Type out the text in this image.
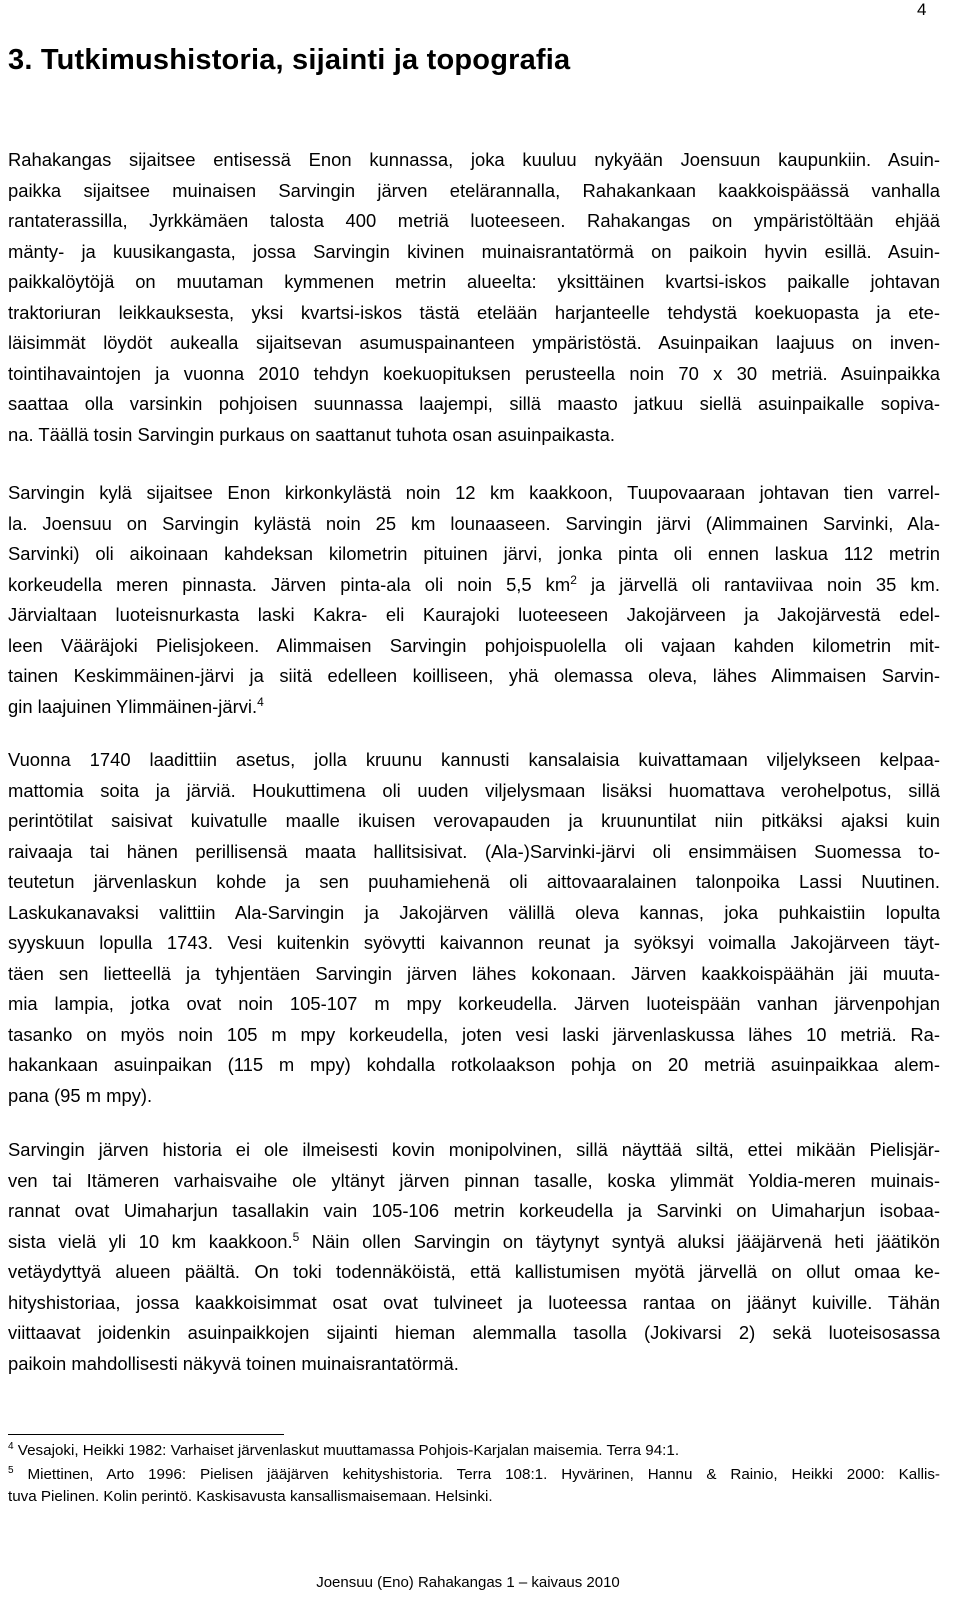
4
3. Tutkimushistoria, sijainti ja topografia
Rahakangas sijaitsee entisessä Enon kunnassa, joka kuuluu nykyään Joensuun kaupunkiin. Asuin-
paikka sijaitsee muinaisen Sarvingin järven etelärannalla, Rahakankaan kaakkoispäässä vanhalla
rantaterassilla, Jyrkkämäen talosta 400 metriä luoteeseen. Rahakangas on ympäristöltään ehjää
mänty- ja kuusikangasta, jossa Sarvingin kivinen muinaisrantatörmä on paikoin hyvin esillä. Asuin-
paikkalöytöjä on muutaman kymmenen metrin alueelta: yksittäinen kvartsi-iskos paikalle johtavan
traktoriuran leikkauksesta, yksi kvartsi-iskos tästä etelään harjanteelle tehdystä koekuopasta ja ete-
läisimmät löydöt aukealla sijaitsevan asumuspainanteen ympäristöstä. Asuinpaikan laajuus on inven-
tointihavaintojen ja vuonna 2010 tehdyn koekuopituksen perusteella noin 70 x 30 metriä. Asuinpaikka
saattaa olla varsinkin pohjoisen suunnassa laajempi, sillä maasto jatkuu siellä asuinpaikalle sopiva-
na. Täällä tosin Sarvingin purkaus on saattanut tuhota osan asuinpaikasta.
Sarvingin kylä sijaitsee Enon kirkonkylästä noin 12 km kaakkoon, Tuupovaaraan johtavan tien varrel-
la. Joensuu on Sarvingin kylästä noin 25 km lounaaseen. Sarvingin järvi (Alimmainen Sarvinki, Ala-
Sarvinki) oli aikoinaan kahdeksan kilometrin pituinen järvi, jonka pinta oli ennen laskua 112 metrin
korkeudella meren pinnasta. Järven pinta-ala oli noin 5,5 $km^2$ ja järvellä oli rantaviivaa noin 35 km.
Järvialtaan luoteisnurkasta laski Kakra- eli Kaurajoki luoteeseen Jakojärveen ja Jakojärvestä edel-
leen Vääräjoki Pielisjokeen. Alimmaisen Sarvingin pohjoispuolella oli vajaan kahden kilometrin mit-
tainen Keskimmäinen-järvi ja siitä edelleen koilliseen, yhä olemassa oleva, lähes Alimmaisen Sarvin-
gin laajuinen Ylimmäinen-järvi.$^4$
Vuonna 1740 laadittiin asetus, jolla kruunu kannusti kansalaisia kuivattamaan viljelykseen kelpaa-
mattomia soita ja järviä. Houkuttimena oli uuden viljelysmaan lisäksi huomattava verohelpotus, sillä
perintötilat saisivat kuivatulle maalle ikuisen verovapauden ja kruununtilat niin pitkäksi ajaksi kuin
raivaaja tai hänen perillisensä maata hallitsisivat. (Ala-)Sarvinki-järvi oli ensimmäisen Suomessa to-
teutetun järvenlaskun kohde ja sen puuhamiehenä oli aittovaaralainen talonpoika Lassi Nuutinen.
Laskukanavaksi valittiin Ala-Sarvingin ja Jakojärven välillä oleva kannas, joka puhkaistiin lopulta
syyskuun lopulla 1743. Vesi kuitenkin syövytti kaivannon reunat ja syöksyi voimalla Jakojärveen täyt-
täen sen lietteellä ja tyhjentäen Sarvingin järven lähes kokonaan. Järven kaakkoispäähän jäi muuta-
mia lampia, jotka ovat noin 105-107 m mpy korkeudella. Järven luoteispään vanhan järvenpohjan
tasanko on myös noin 105 m mpy korkeudella, joten vesi laski järvenlaskussa lähes 10 metriä. Ra-
hakankaan asuinpaikan (115 m mpy) kohdalla rotkolaakson pohja on 20 metriä asuinpaikkaa alem-
pana (95 m mpy).
Sarvingin järven historia ei ole ilmeisesti kovin monipolvinen, sillä näyttää siltä, ettei mikään Pielisjär-
ven tai Itämeren varhaisvaihe ole yltänyt järven pinnan tasalle, koska ylimmät Yoldia-meren muinais-
rannat ovat Uimaharjun tasallakin vain 105-106 metrin korkeudella ja Sarvinki on Uimaharjun isobaa-
sista vielä yli 10 km kaakkoon.$^5$ Näin ollen Sarvingin on täytynyt syntyä aluksi jääjärvenä heti jäätikön
vetäydyttyä alueen päältä. On toki todennäköistä, että kallistumisen myötä järvellä on ollut omaa ke-
hityshistoriaa, jossa kaakkoisimmat osat ovat tulvineet ja luoteessa rantaa on jäänyt kuiville. Tähän
viittaavat joidenkin asuinpaikkojen sijainti hieman alemmalla tasolla (Jokivarsi 2) sekä luoteisosassa
paikoin mahdollisesti näkyvä toinen muinaisrantatörmä.
$^4$ Vesajoki, Heikki 1982: Varhaiset järvenlaskut muuttamassa Pohjois-Karjalan maisemia. Terra 94:1.
$^5$ Miettinen, Arto 1996: Pielisen jääjärven kehityshistoria. Terra 108:1. Hyvärinen, Hannu & Rainio, Heikki 2000: Kallis-
tuva Pielinen. Kolin perintö. Kaskisavusta kansallismaisemaan. Helsinki.
Joensuu (Eno) Rahakangas 1 – kaivaus 2010
